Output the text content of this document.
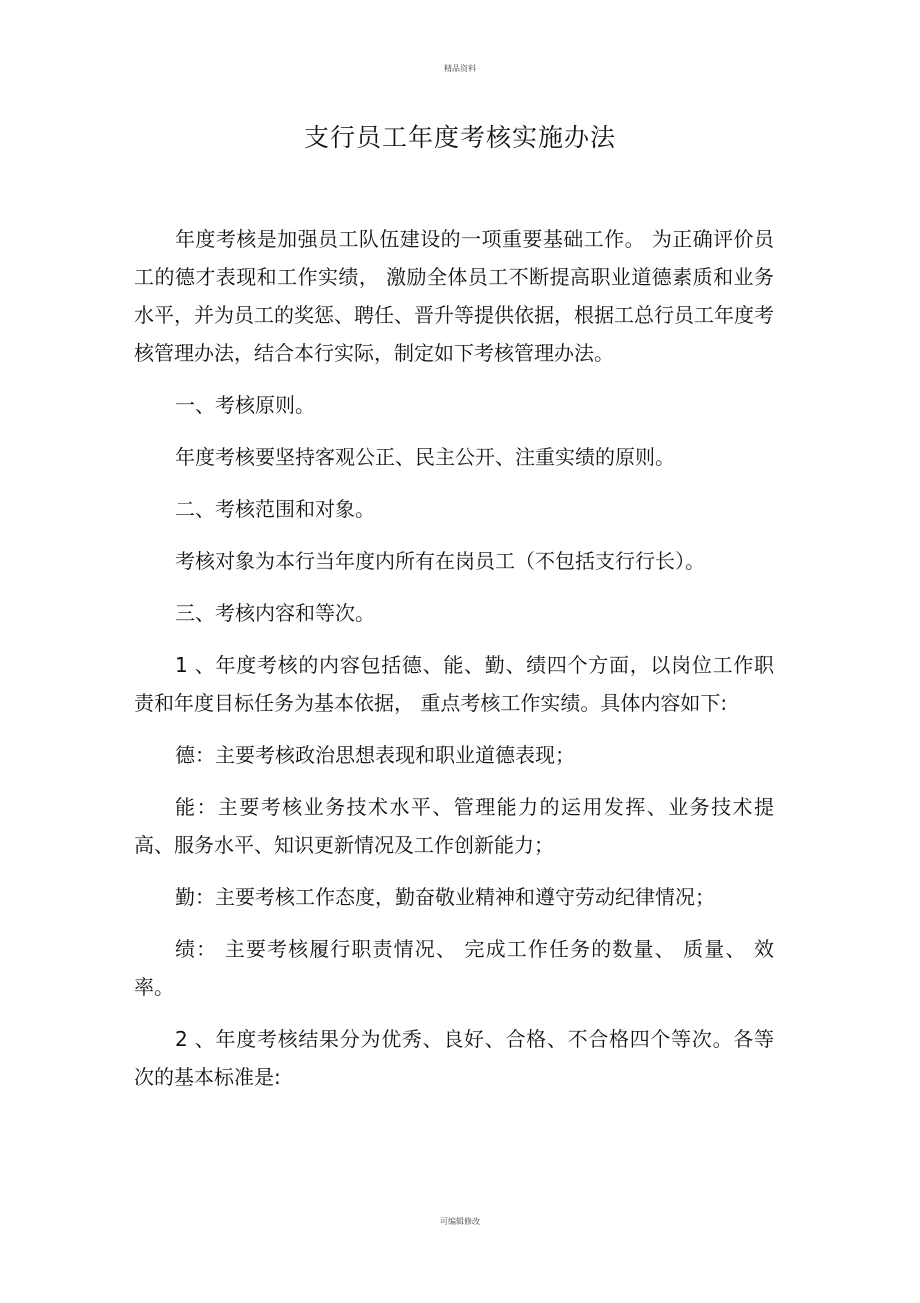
精品资料
支行员工年度考核实施办法

年度考核是加强员工队伍建设的一项重要基础工作。 为正确评价员工的德才表现和工作实绩， 激励全体员工不断提高职业道德素质和业务水平，并为员工的奖惩、聘任、晋升等提供依据，根据工总行员工年度考核管理办法，结合本行实际，制定如下考核管理办法。

一、考核原则。

年度考核要坚持客观公正、民主公开、注重实绩的原则。

二、考核范围和对象。

考核对象为本行当年度内所有在岗员工（不包括支行行长）。

三、考核内容和等次。

1 、年度考核的内容包括德、能、勤、绩四个方面，以岗位工作职责和年度目标任务为基本依据， 重点考核工作实绩。具体内容如下:

德：主要考核政治思想表现和职业道德表现；

能：主要考核业务技术水平、管理能力的运用发挥、业务技术提高、服务水平、知识更新情况及工作创新能力；

勤：主要考核工作态度，勤奋敬业精神和遵守劳动纪律情况；

绩： 主要考核履行职责情况、 完成工作任务的数量、 质量、 效率。

2 、年度考核结果分为优秀、良好、合格、不合格四个等次。各等次的基本标准是:

可编辑修改
